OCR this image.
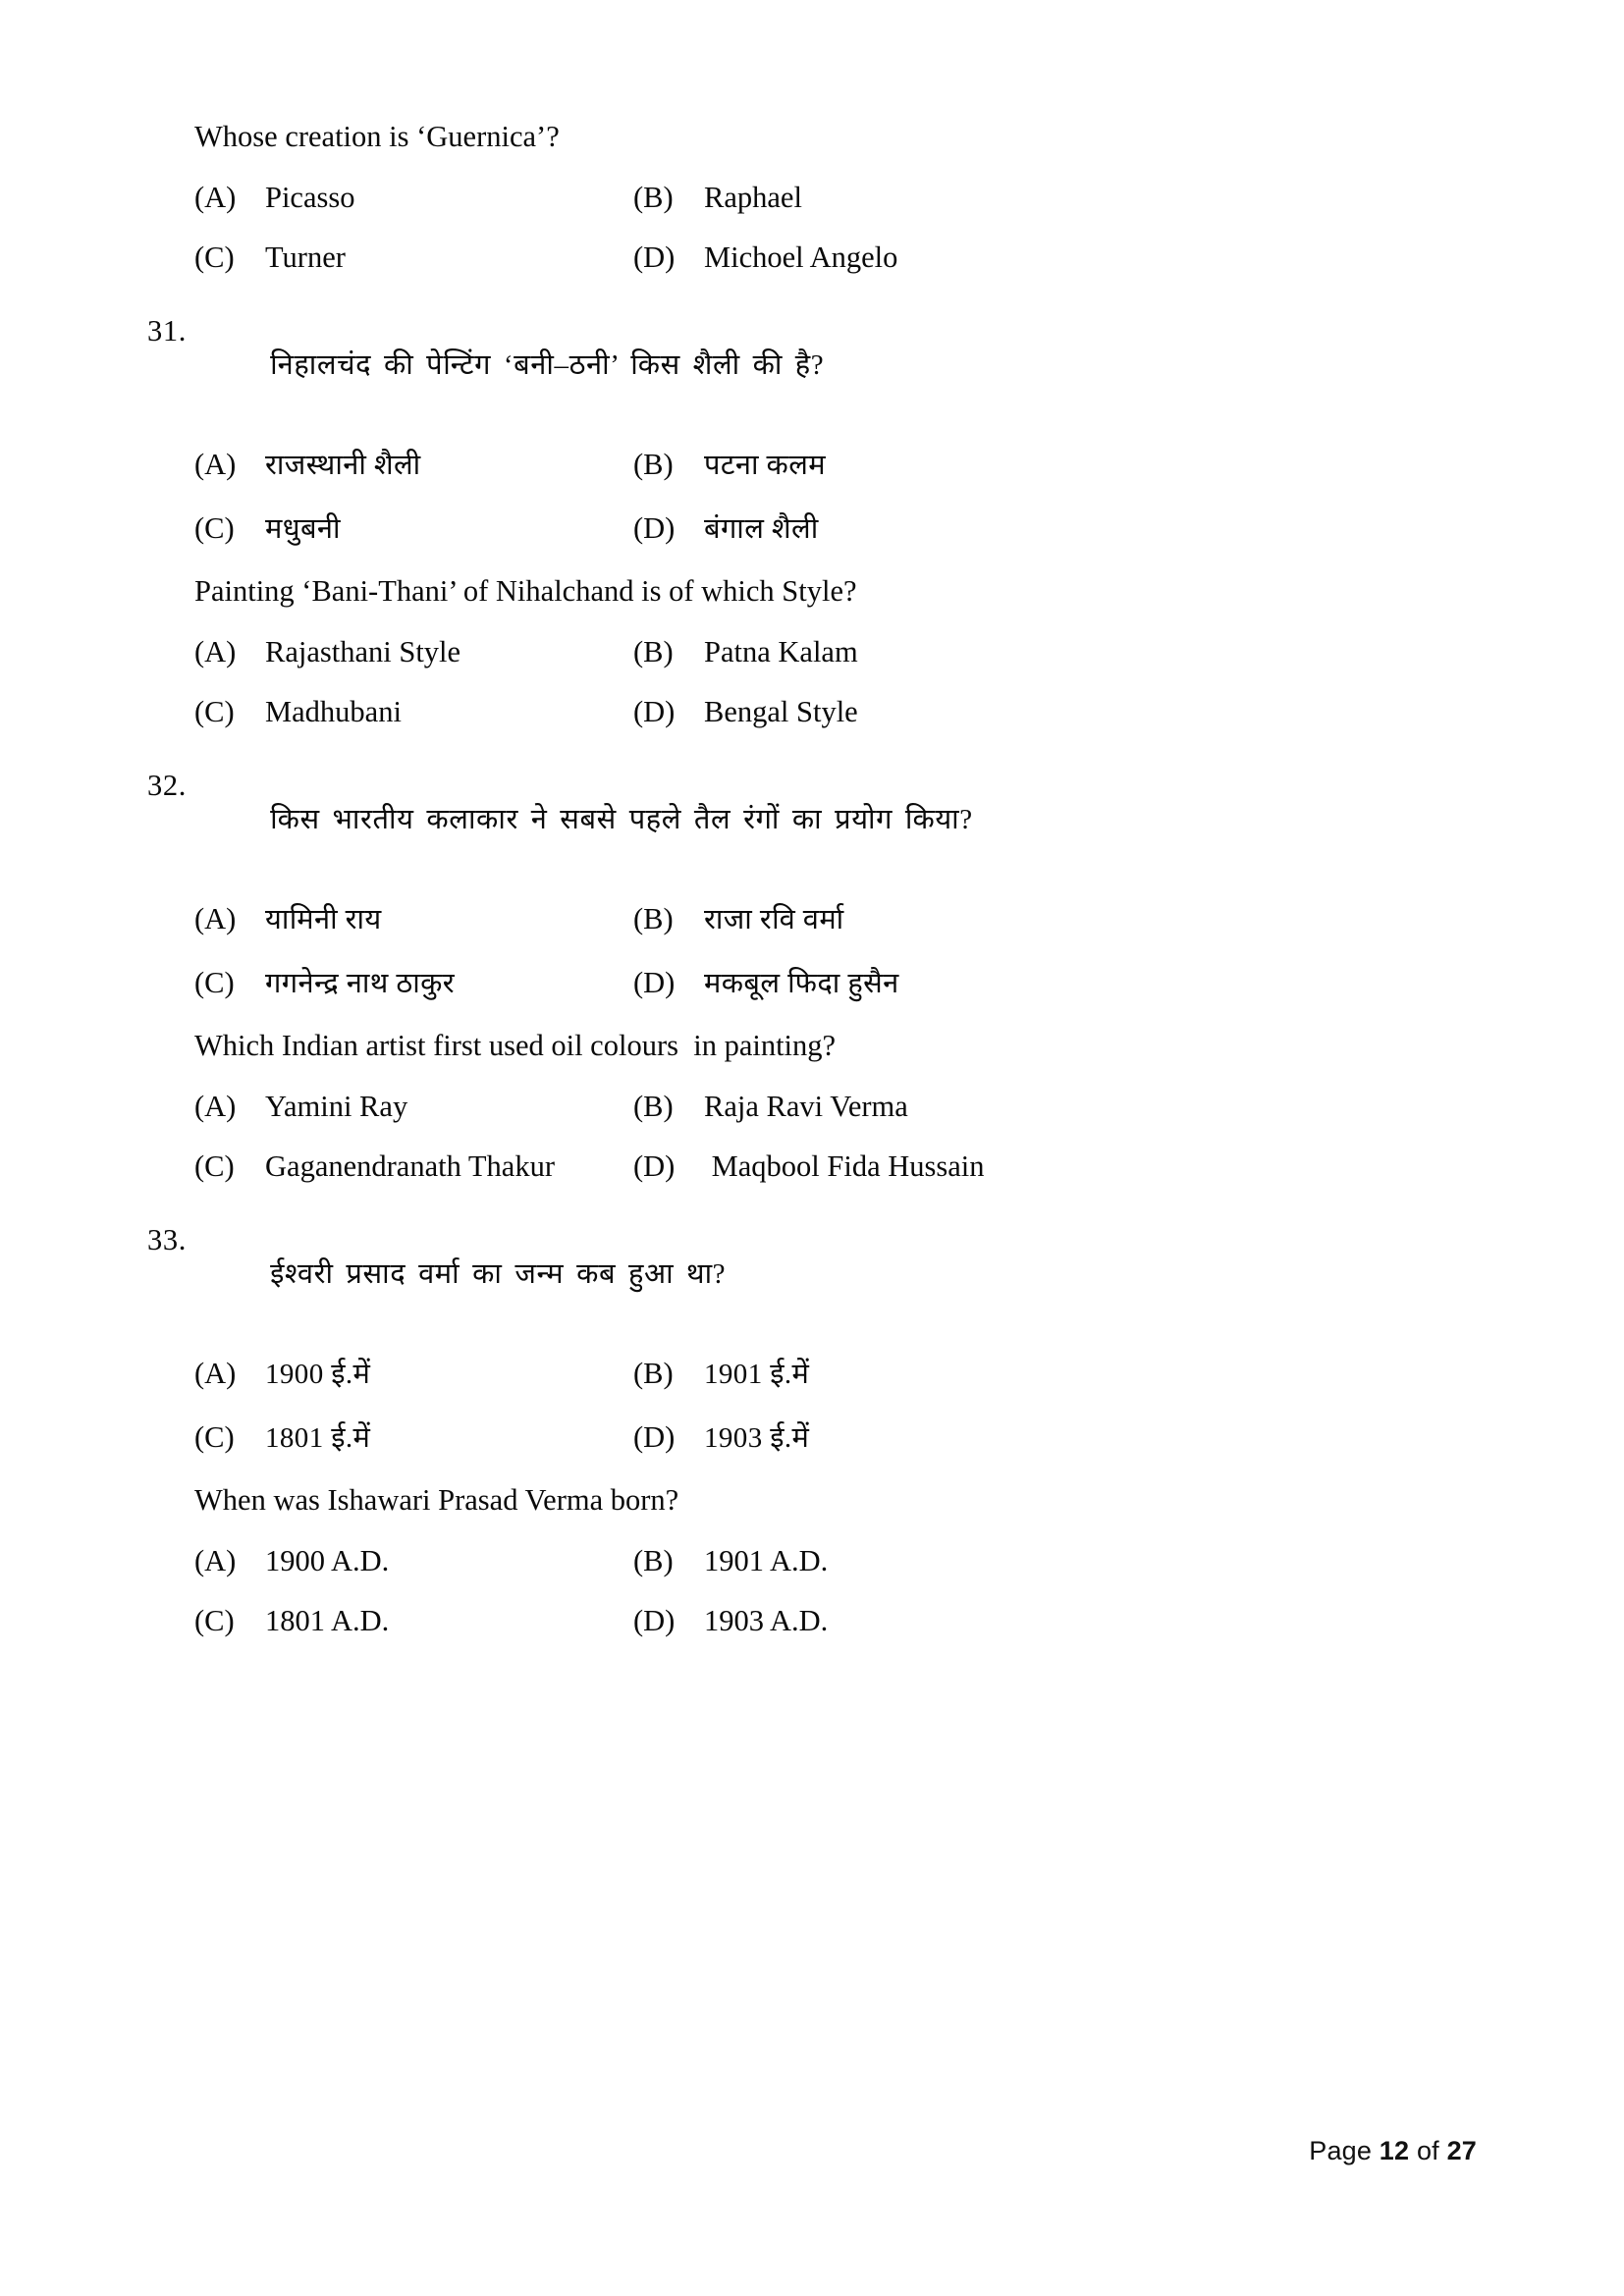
Whose creation is ‘Guernica’?
(A) Picasso	(B)	Raphael
(C)	Turner	(D) Michoel Angelo

31.
निहालचंद की पेन्टिंग ‘बनी–ठनी’ किस शैली की है?

(A)	राजस्थानी शैली	(B)	पटना कलम
(C)	मधुबनी	(D)	बंगाल शैली
Painting ‘Bani-Thani’ of Nihalchand is of which Style?
(A) Rajasthani Style	(B)	Patna Kalam
(C)	Madhubani	(D) Bengal Style

32.
किस भारतीय कलाकार ने सबसे पहले तैल रंगों का प्रयोग किया?

(A)	यामिनी राय	(B)	राजा रवि वर्मा
(C)	गगनेन्द्र नाथ ठाकुर	(D)	मकबूल फिदा हुसैन
Which Indian artist first used oil colours  in painting?
(A) Yamini Ray	(B)	Raja Ravi Verma
(C)	Gaganendranath Thakur	(D) Maqbool Fida Hussain

33.
ईश्वरी प्रसाद वर्मा का जन्म कब हुआ था?

(A)	1900 ई.में	(B)	1901 ई.में
(C)	1801 ई.में	(D)	1903 ई.में
When was Ishawari Prasad Verma born?
(A) 1900 A.D.	(B)	1901 A.D.
(C)	1801 A.D.	(D) 1903 A.D.
Page 12 of 27
